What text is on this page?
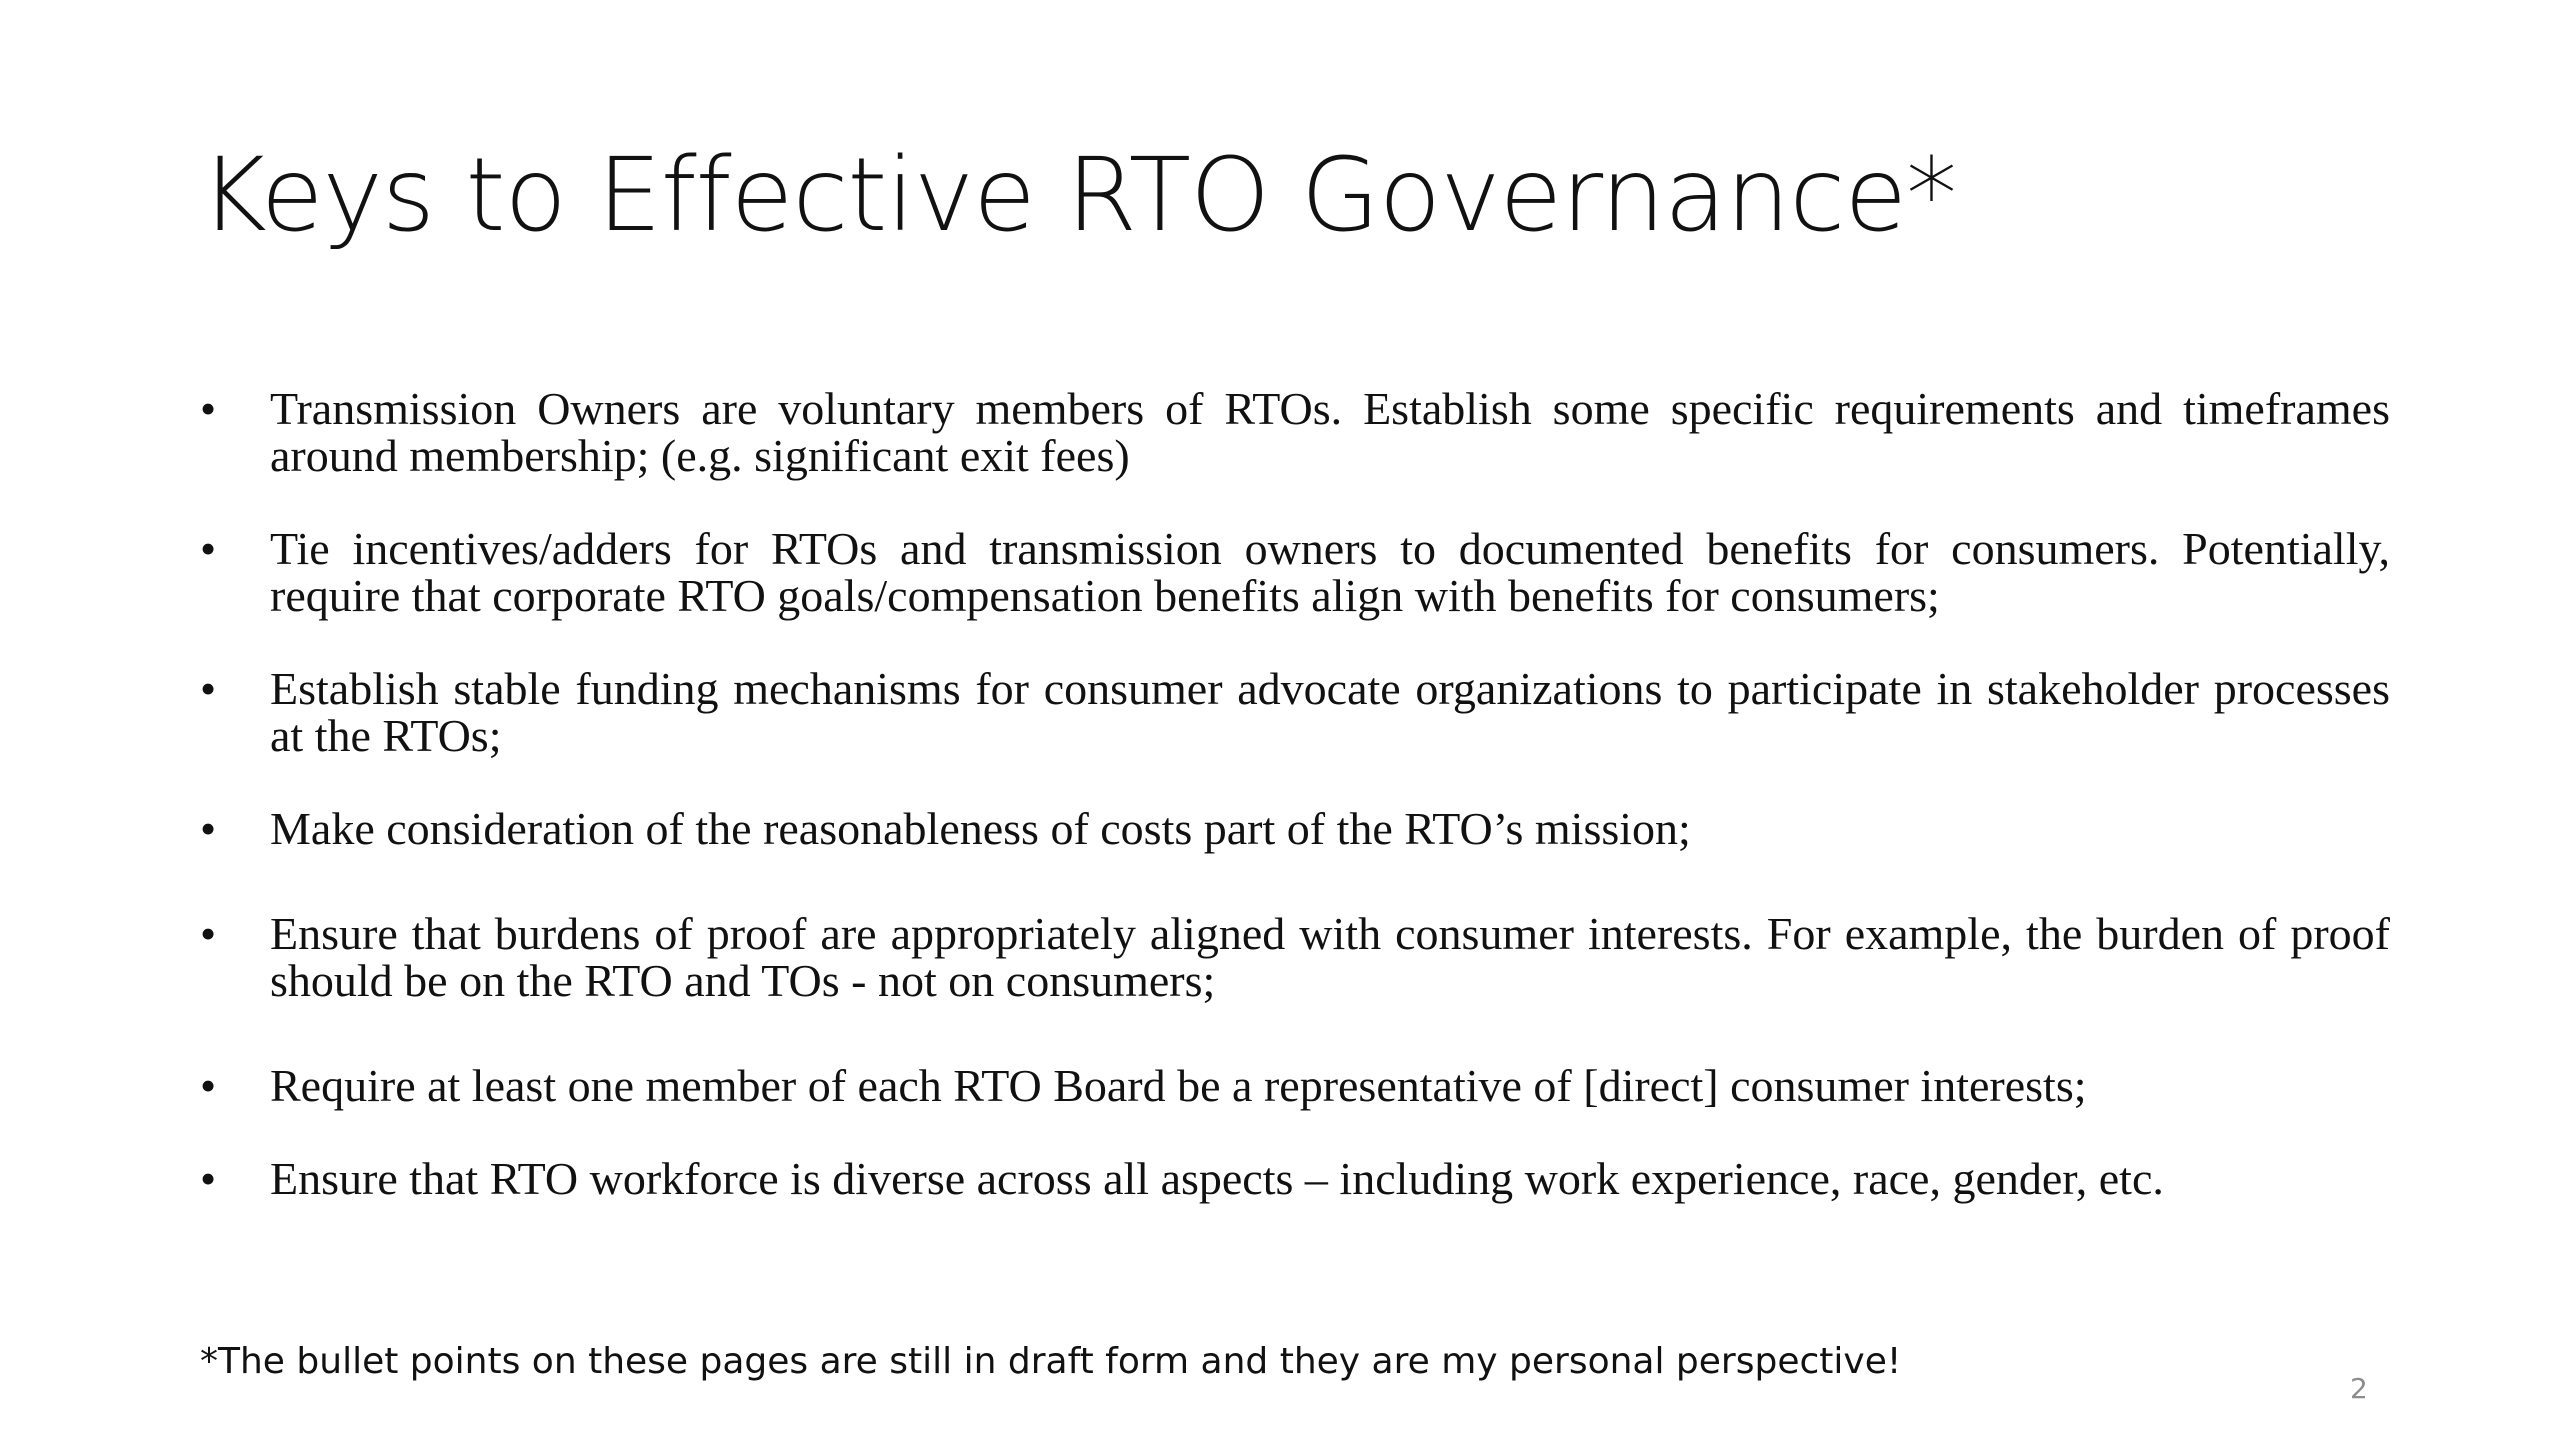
Keys to Effective RTO Governance*
• Transmission Owners are voluntary members of RTOs. Establish some specific requirements and timeframes around membership; (e.g. significant exit fees)
• Tie incentives/adders for RTOs and transmission owners to documented benefits for consumers. Potentially, require that corporate RTO goals/compensation benefits align with benefits for consumers;
• Establish stable funding mechanisms for consumer advocate organizations to participate in stakeholder processes at the RTOs;
• Make consideration of the reasonableness of costs part of the RTO’s mission;
• Ensure that burdens of proof are appropriately aligned with consumer interests. For example, the burden of proof should be on the RTO and TOs - not on consumers;
• Require at least one member of each RTO Board be a representative of [direct] consumer interests;
• Ensure that RTO workforce is diverse across all aspects – including work experience, race, gender, etc.

*The bullet points on these pages are still in draft form and they are my personal perspective!

2
